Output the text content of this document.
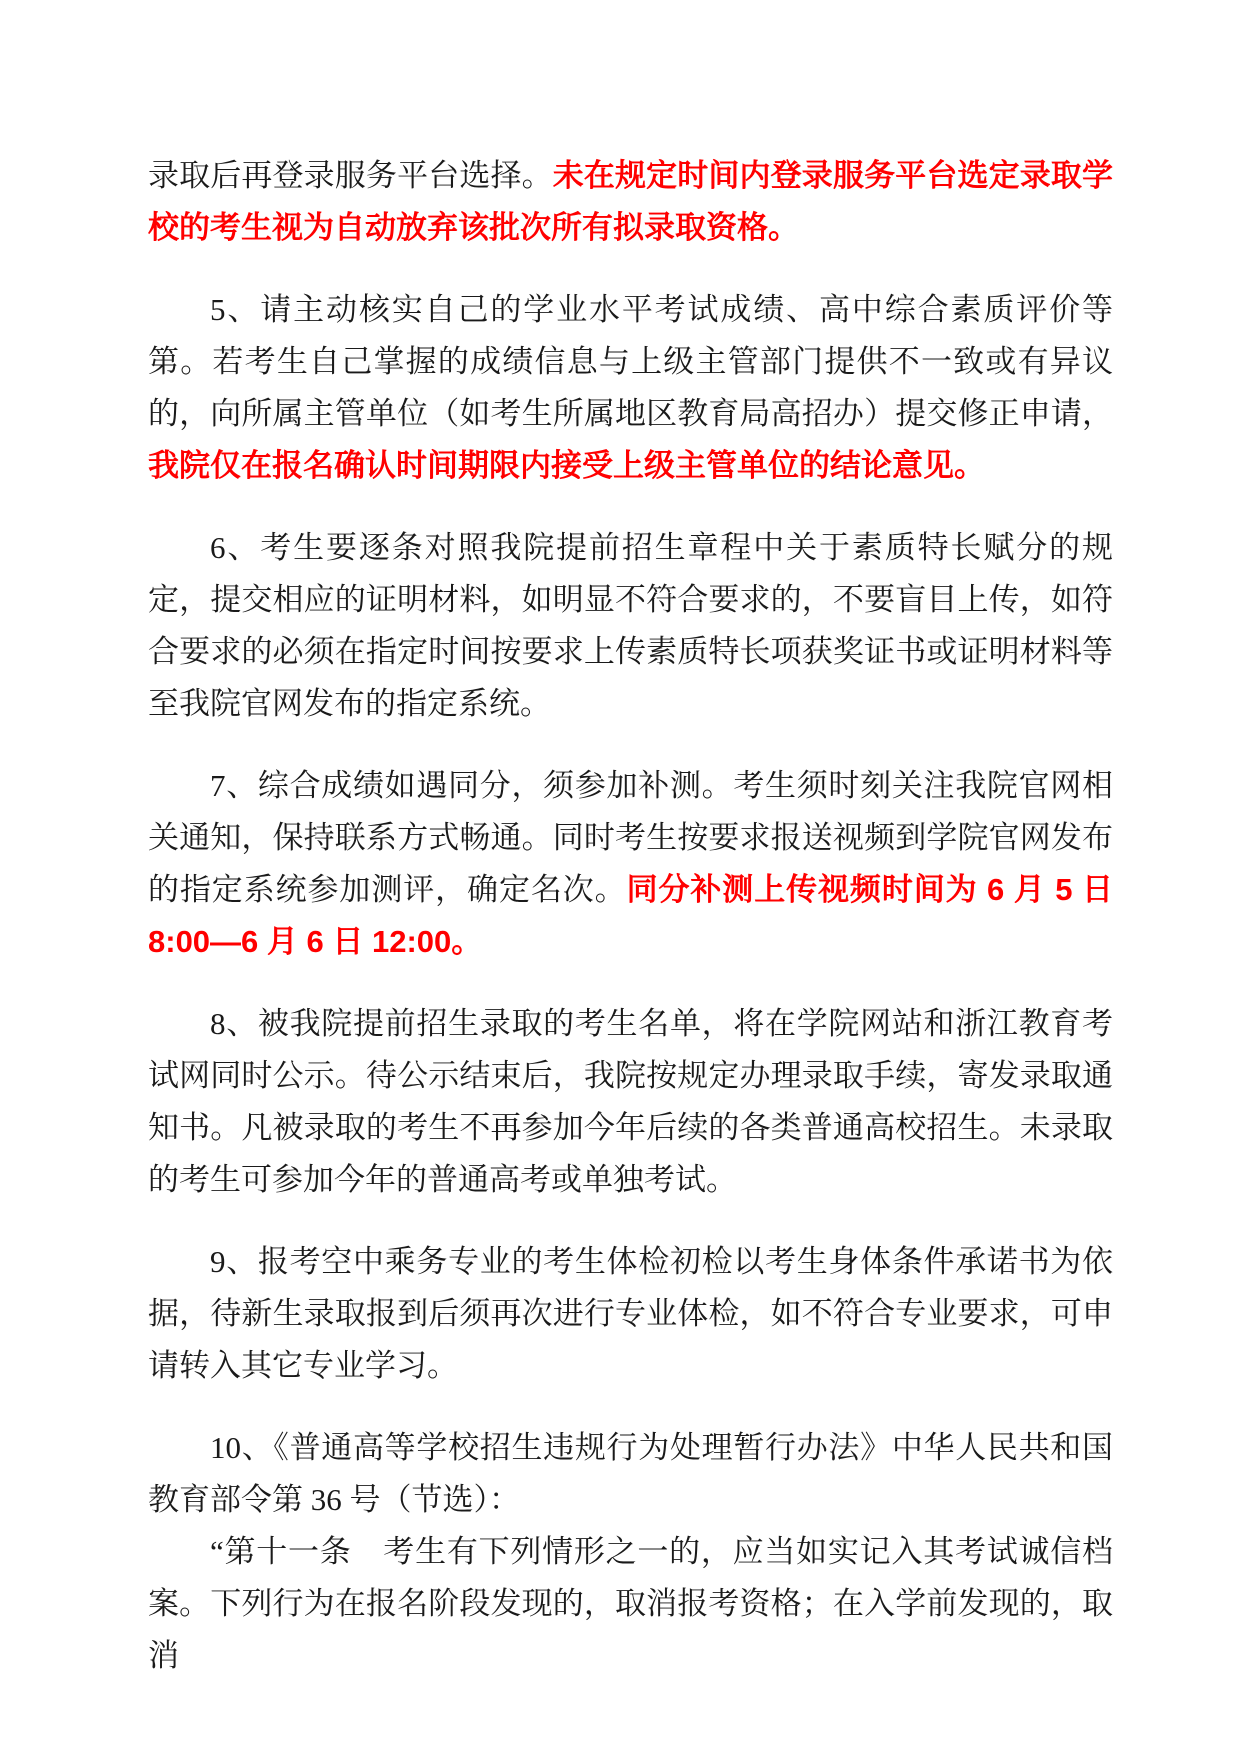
录取后再登录服务平台选择。未在规定时间内登录服务平台选定录取学校的考生视为自动放弃该批次所有拟录取资格。

5、请主动核实自己的学业水平考试成绩、高中综合素质评价等第。若考生自己掌握的成绩信息与上级主管部门提供不一致或有异议的，向所属主管单位（如考生所属地区教育局高招办）提交修正申请，我院仅在报名确认时间期限内接受上级主管单位的结论意见。

6、考生要逐条对照我院提前招生章程中关于素质特长赋分的规定，提交相应的证明材料，如明显不符合要求的，不要盲目上传，如符合要求的必须在指定时间按要求上传素质特长项获奖证书或证明材料等至我院官网发布的指定系统。

7、综合成绩如遇同分，须参加补测。考生须时刻关注我院官网相关通知，保持联系方式畅通。同时考生按要求报送视频到学院官网发布的指定系统参加测评，确定名次。同分补测上传视频时间为 6 月 5 日 8:00—6 月 6 日 12:00。

8、被我院提前招生录取的考生名单，将在学院网站和浙江教育考试网同时公示。待公示结束后，我院按规定办理录取手续，寄发录取通知书。凡被录取的考生不再参加今年后续的各类普通高校招生。未录取的考生可参加今年的普通高考或单独考试。

9、报考空中乘务专业的考生体检初检以考生身体条件承诺书为依据，待新生录取报到后须再次进行专业体检，如不符合专业要求，可申请转入其它专业学习。

10、《普通高等学校招生违规行为处理暂行办法》中华人民共和国教育部令第 36 号（节选）：

“第十一条　考生有下列情形之一的，应当如实记入其考试诚信档案。下列行为在报名阶段发现的，取消报考资格；在入学前发现的，取消
